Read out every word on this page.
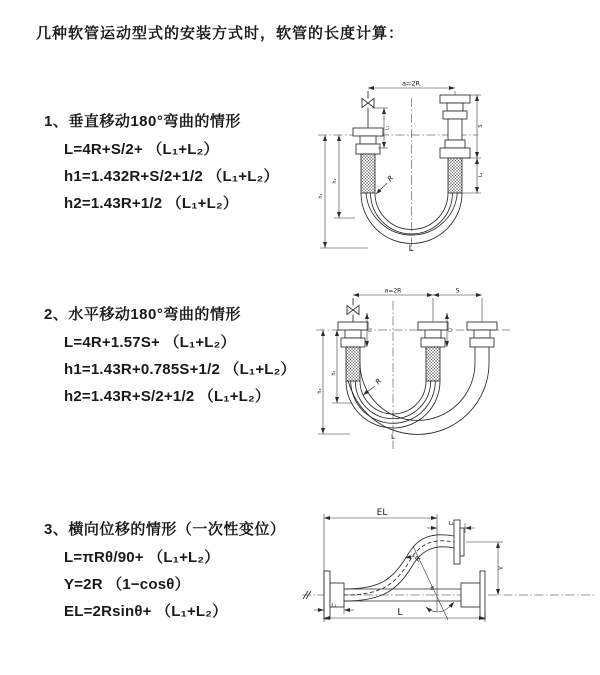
几种软管运动型式的安装方式时，软管的长度计算：
1、垂直移动180°弯曲的情形
L=4R+S/2+ （L₁+L₂）
h1=1.432R+S/2+1/2 （L₁+L₂）
h2=1.43R+1/2 （L₁+L₂）
2、水平移动180°弯曲的情形
L=4R+1.57S+ （L₁+L₂）
h1=1.43R+0.785S+1/2 （L₁+L₂）
h2=1.43R+S/2+1/2 （L₁+L₂）
3、横向位移的情形（一次性变位）
L=πRθ/90+ （L₁+L₂）
Y=2R （1−cosθ）
EL=2Rsinθ+ （L₁+L₂）
a=2R
h₁
h₂
L₁	S
L₂
R
L
a=2R	S
h₁
h₂
L₁	L₂
R
L
EL
L₂
Y
L
L₁
θ
R
